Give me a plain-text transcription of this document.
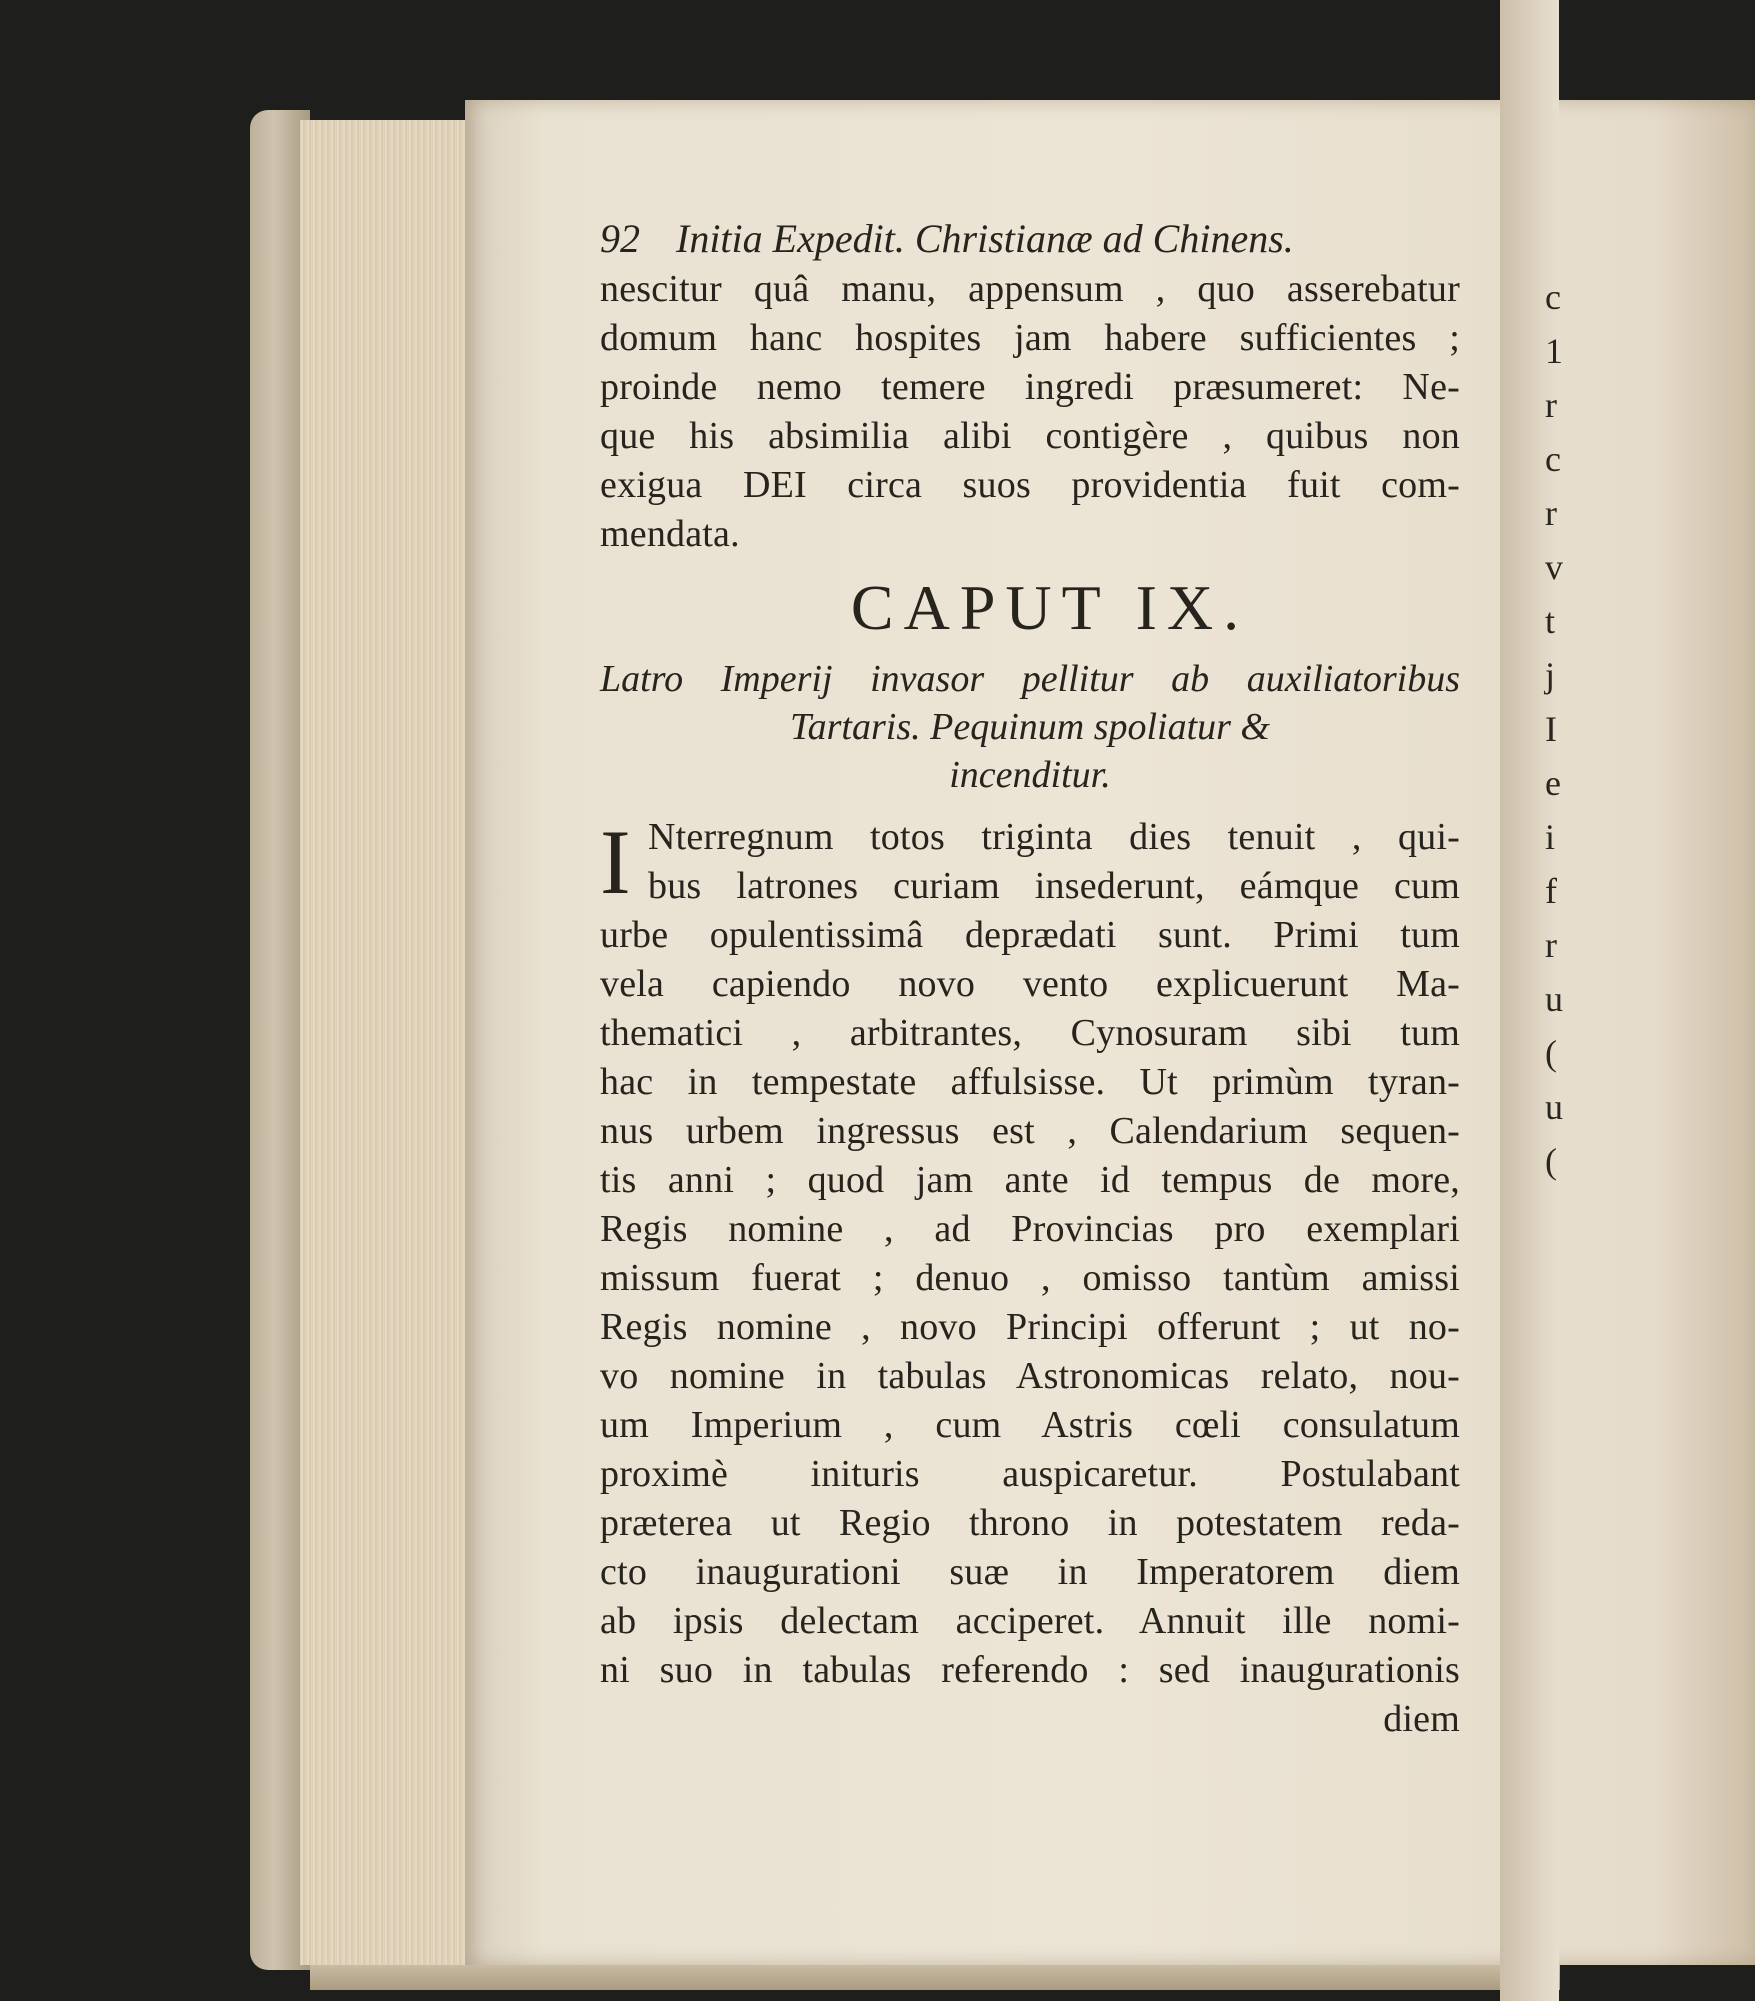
c
1
r
c
r
v
t
j
I
e
i
f
r
u
(
u
(
92 Initia Expedit. Christianæ ad Chinens.
nescitur quâ manu, appensum , quo asserebatur
domum hanc hospites jam habere sufficientes ;
proinde nemo temere ingredi præsumeret: Ne-
que his absimilia alibi contigère , quibus non
exigua DEI circa suos providentia fuit com-
mendata.
CAPUT IX.
Latro Imperij invasor pellitur ab auxiliatoribus
Tartaris. Pequinum spoliatur &
incenditur.
I Nterregnum totos triginta dies tenuit , qui-
bus latrones curiam insederunt, eámque cum
urbe opulentissimâ deprædati sunt. Primi tum
vela capiendo novo vento explicuerunt Ma-
thematici , arbitrantes, Cynosuram sibi tum
hac in tempestate affulsisse. Ut primùm tyran-
nus urbem ingressus est , Calendarium sequen-
tis anni ; quod jam ante id tempus de more,
Regis nomine , ad Provincias pro exemplari
missum fuerat ; denuo , omisso tantùm amissi
Regis nomine , novo Principi offerunt ; ut no-
vo nomine in tabulas Astronomicas relato, nou-
um Imperium , cum Astris cœli consulatum
proximè inituris auspicaretur. Postulabant
præterea ut Regio throno in potestatem reda-
cto inaugurationi suæ in Imperatorem diem
ab ipsis delectam acciperet. Annuit ille nomi-
ni suo in tabulas referendo : sed inaugurationis
diem
